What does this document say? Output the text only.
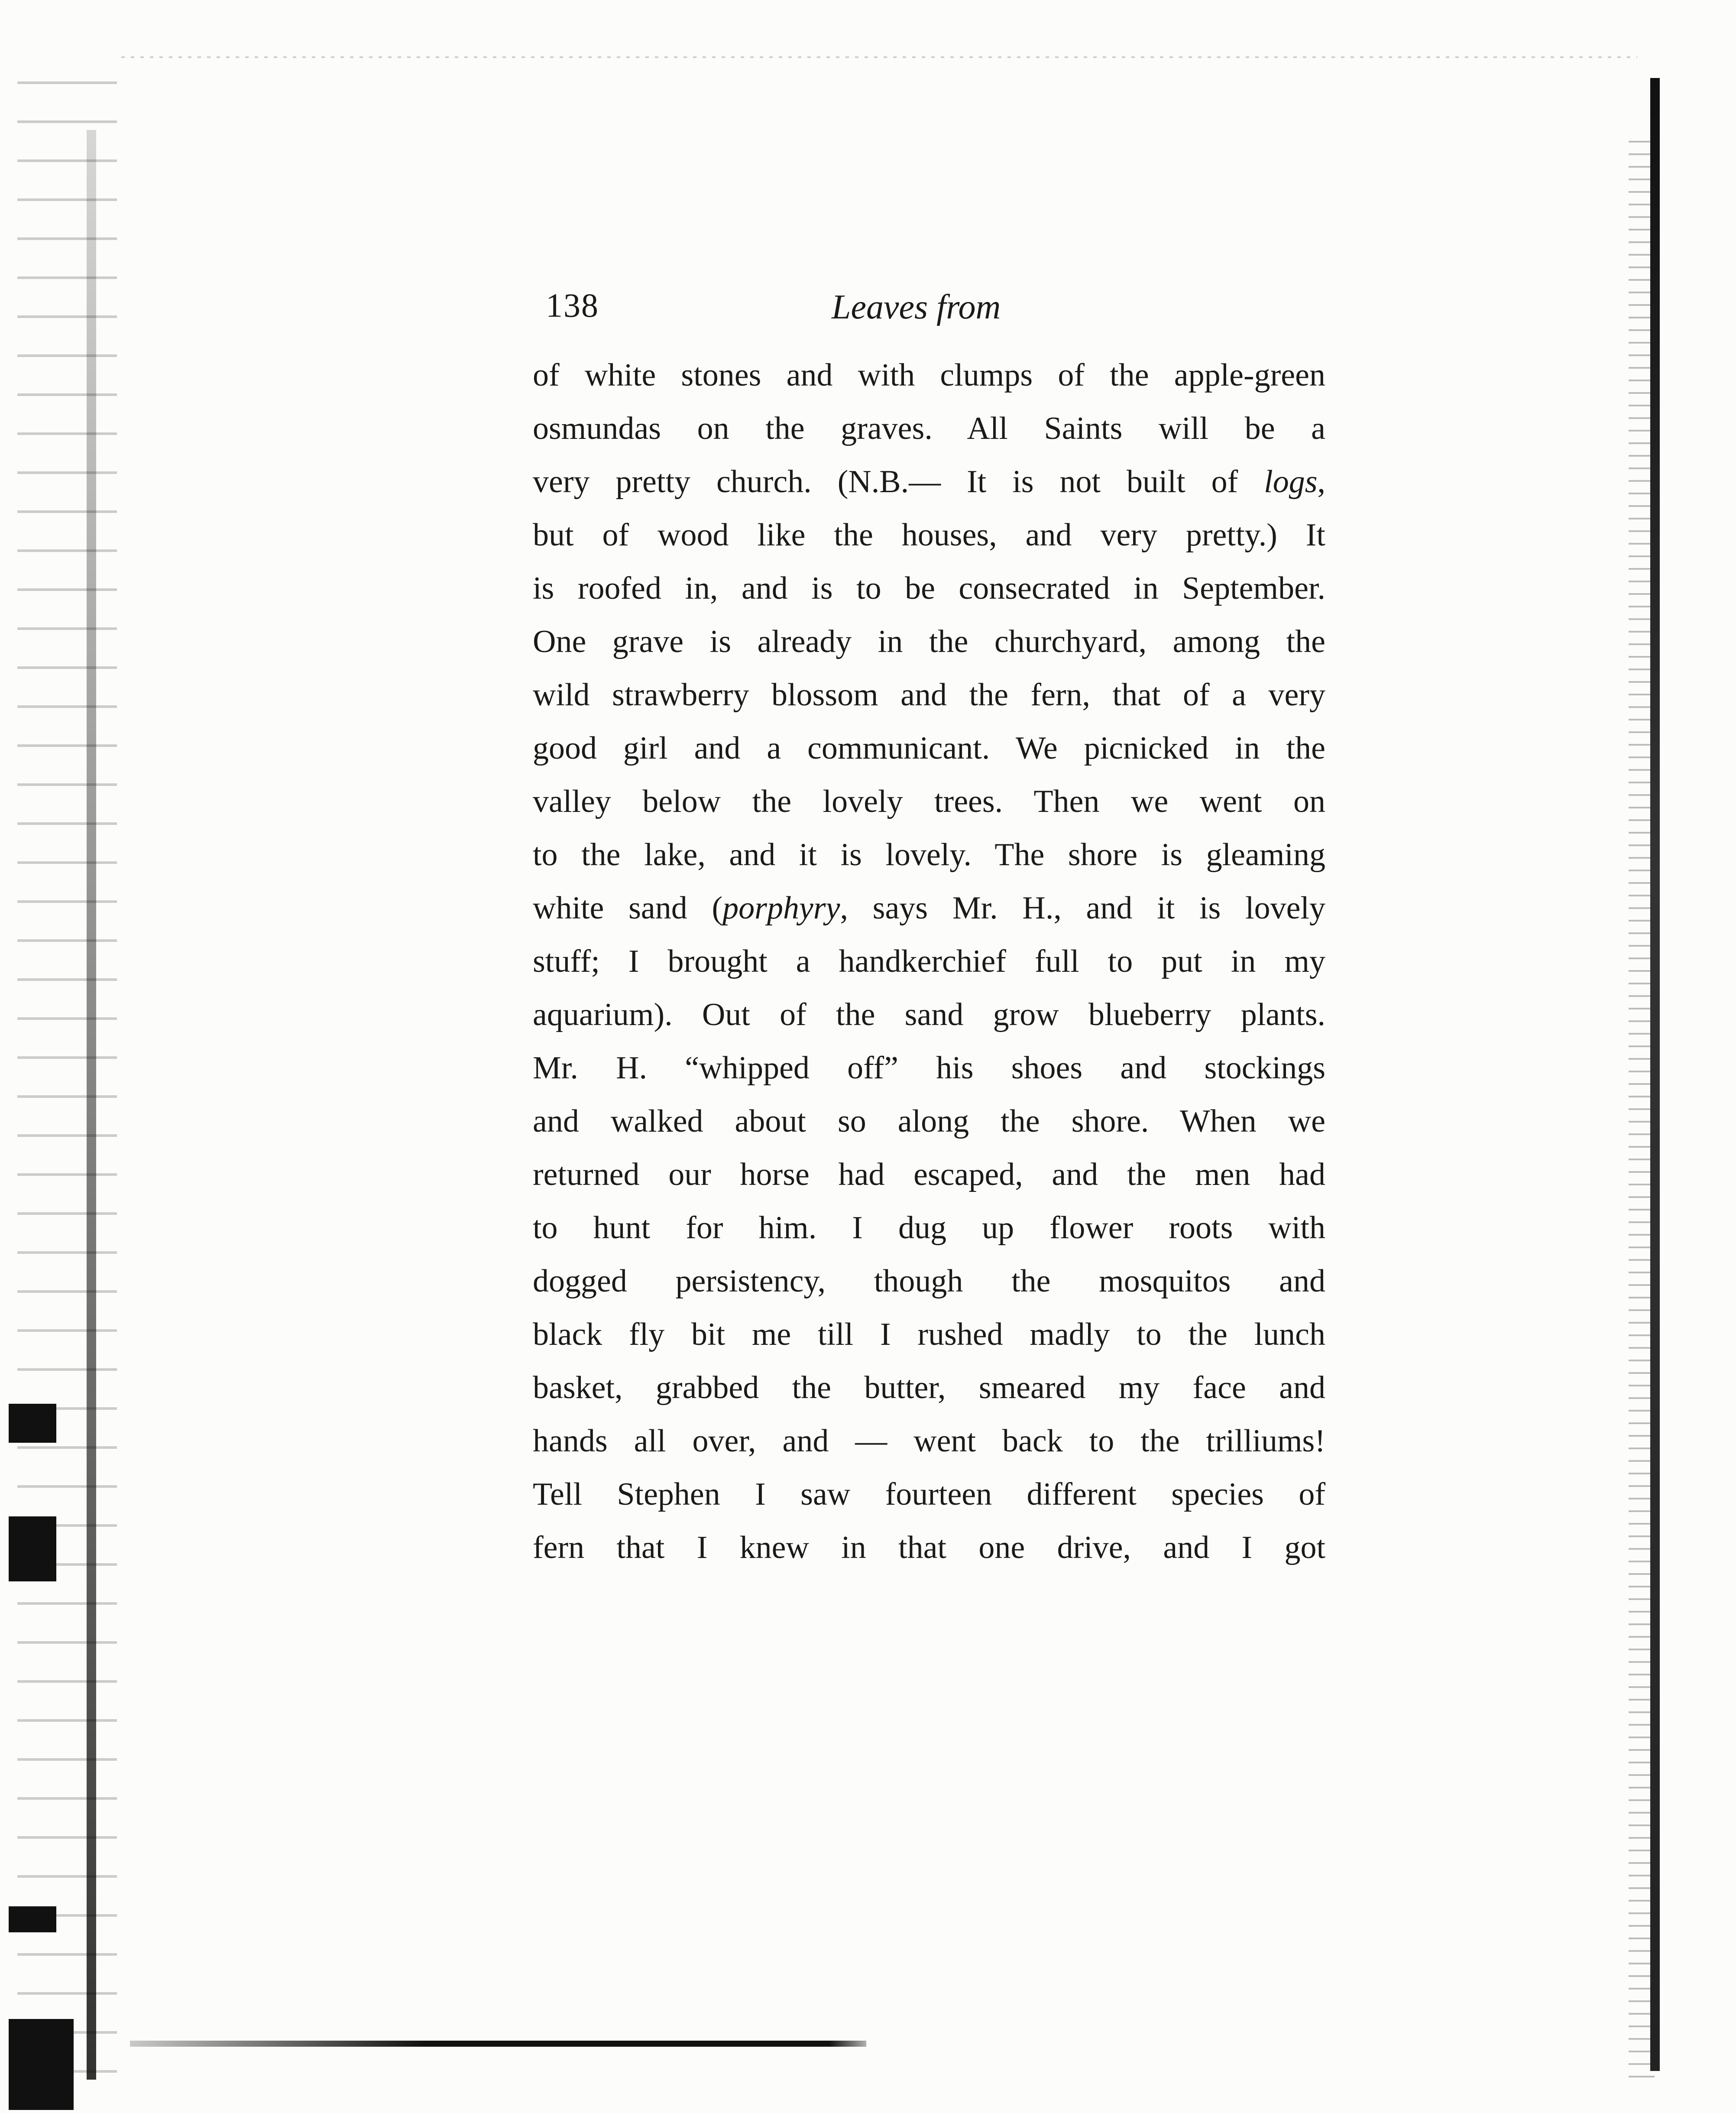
138	Leaves from
of white stones and with clumps of the apple-green
osmundas on the graves. All Saints will be a
very pretty church. (N.B.— It is not built of logs,
but of wood like the houses, and very pretty.) It
is roofed in, and is to be consecrated in September.
One grave is already in the churchyard, among the
wild strawberry blossom and the fern, that of a very
good girl and a communicant. We picnicked in the
valley below the lovely trees. Then we went on
to the lake, and it is lovely. The shore is gleaming
white sand (porphyry, says Mr. H., and it is lovely
stuff; I brought a handkerchief full to put in my
aquarium). Out of the sand grow blueberry plants.
Mr. H. “whipped off” his shoes and stockings
and walked about so along the shore. When we
returned our horse had escaped, and the men had
to hunt for him. I dug up flower roots with
dogged persistency, though the mosquitos and
black fly bit me till I rushed madly to the lunch
basket, grabbed the butter, smeared my face and
hands all over, and — went back to the trilliums!
Tell Stephen I saw fourteen different species of
fern that I knew in that one drive, and I got
